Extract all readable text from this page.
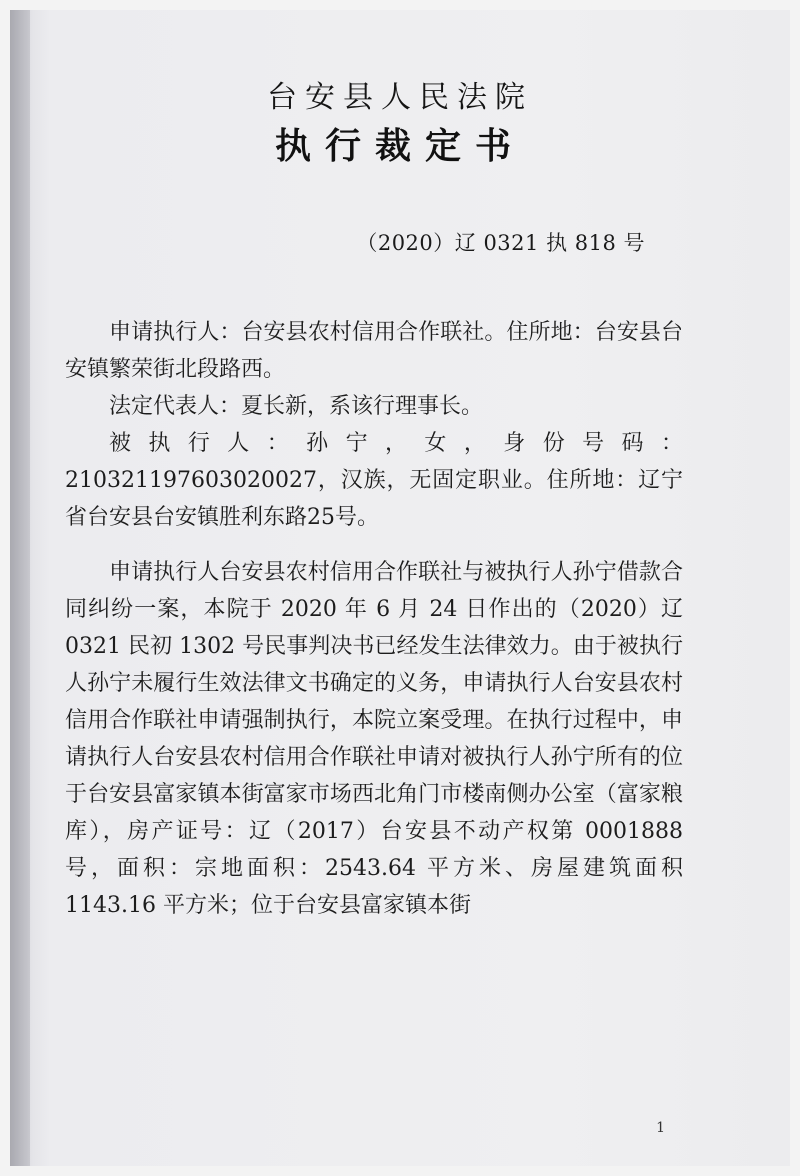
台安县人民法院
执行裁定书
（2020）辽 0321 执 818 号

申请执行人：台安县农村信用合作联社。住所地：台安县台安镇繁荣街北段路西。

法定代表人：夏长新，系该行理事长。

被执行人：孙宁，女，身份号码：210321197603020027，汉族，无固定职业。住所地：辽宁省台安县台安镇胜利东路25号。

申请执行人台安县农村信用合作联社与被执行人孙宁借款合同纠纷一案，本院于 2020 年 6 月 24 日作出的（2020）辽 0321 民初 1302 号民事判决书已经发生法律效力。由于被执行人孙宁未履行生效法律文书确定的义务，申请执行人台安县农村信用合作联社申请强制执行，本院立案受理。在执行过程中，申请执行人台安县农村信用合作联社申请对被执行人孙宁所有的位于台安县富家镇本街富家市场西北角门市楼南侧办公室（富家粮库），房产证号：辽（2017）台安县不动产权第 0001888 号，面积：宗地面积：2543.64 平方米、房屋建筑面积 1143.16 平方米；位于台安县富家镇本街

1
